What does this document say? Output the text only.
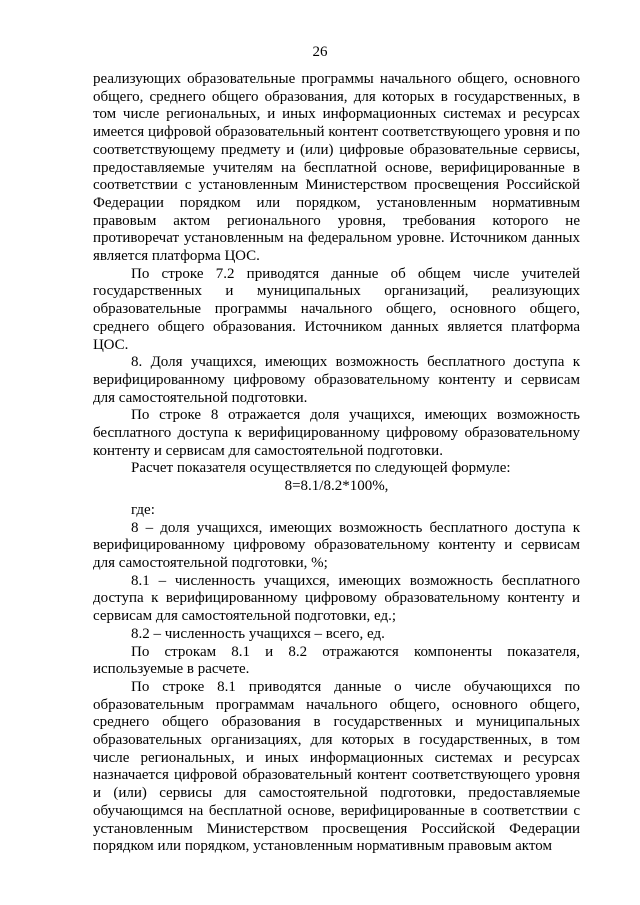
26

реализующих образовательные программы начального общего, основного общего, среднего общего образования, для которых в государственных, в том числе региональных, и иных информационных системах и ресурсах имеется цифровой образовательный контент соответствующего уровня и по соответствующему предмету и (или) цифровые образовательные сервисы, предоставляемые учителям на бесплатной основе, верифицированные в соответствии с установленным Министерством просвещения Российской Федерации порядком или порядком, установленным нормативным правовым актом регионального уровня, требования которого не противоречат установленным на федеральном уровне. Источником данных является платформа ЦОС.

По строке 7.2 приводятся данные об общем числе учителей государственных и муниципальных организаций, реализующих образовательные программы начального общего, основного общего, среднего общего образования. Источником данных является платформа ЦОС.

8. Доля учащихся, имеющих возможность бесплатного доступа к верифицированному цифровому образовательному контенту и сервисам для самостоятельной подготовки.

По строке 8 отражается доля учащихся, имеющих возможность бесплатного доступа к верифицированному цифровому образовательному контенту и сервисам для самостоятельной подготовки.

Расчет показателя осуществляется по следующей формуле:

8=8.1/8.2*100%,

где:

8 – доля учащихся, имеющих возможность бесплатного доступа к верифицированному цифровому образовательному контенту и сервисам для самостоятельной подготовки, %;

8.1 – численность учащихся, имеющих возможность бесплатного доступа к верифицированному цифровому образовательному контенту и сервисам для самостоятельной подготовки, ед.;

8.2 – численность учащихся – всего, ед.

По строкам 8.1 и 8.2 отражаются компоненты показателя, используемые в расчете.

По строке 8.1 приводятся данные о числе обучающихся по образовательным программам начального общего, основного общего, среднего общего образования в государственных и муниципальных образовательных организациях, для которых в государственных, в том числе региональных, и иных информационных системах и ресурсах назначается цифровой образовательный контент соответствующего уровня и (или) сервисы для самостоятельной подготовки, предоставляемые обучающимся на бесплатной основе, верифицированные в соответствии с установленным Министерством просвещения Российской Федерации порядком или порядком, установленным нормативным правовым актом
